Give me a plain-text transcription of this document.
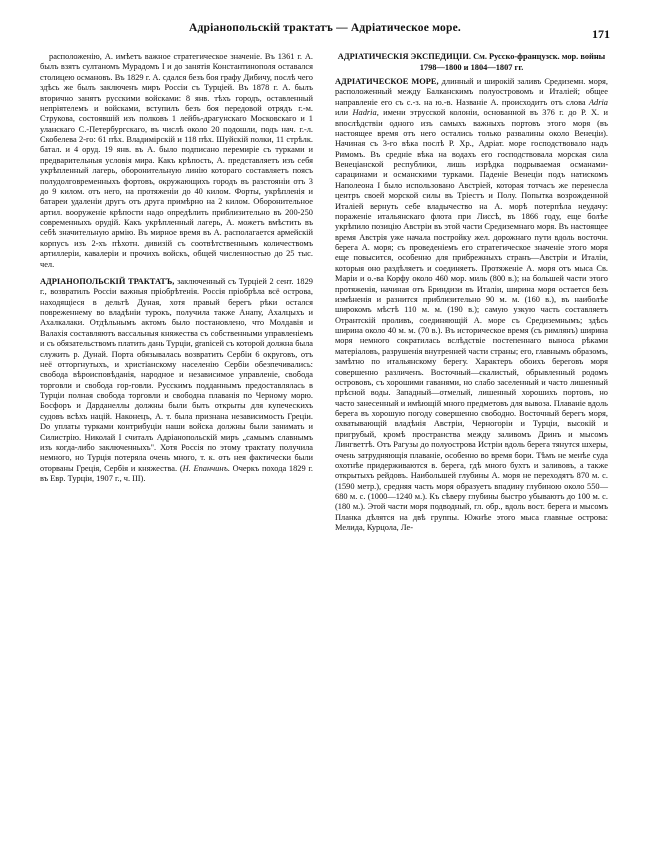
Адріанопольскій трактатъ — Адріатическое море.	171

расположенію, А. имѣетъ важное стратегическое значеніе. Въ 1361 г. А. былъ взятъ султаномъ Мурадомъ I и до занятія Константинополя оставался столицею османовъ. Въ 1829 г. А. сдался безъ боя графу Дибичу, послѣ чего здѣсь же былъ заключенъ миръ Россіи съ Турціей. Въ 1878 г. А. былъ вторично занятъ русскими войсками: 8 янв. тѣхъ городъ, оставленный непріятелемъ и войсками, вступилъ безъ боя передовой отрядъ г.-м. Струкова, состоявшій изъ полковъ 1 лейбъ-драгунскаго Московскаго и 1 уланскаго С.-Петербургскаго, въ числѣ около 20 подошли, подъ нач. г.-л. Скобелева 2-го: 61 пѣх. Владимірскій и 118 пѣх. Шуйскій полки, 11 стрѣлк. батал. и 4 оруд. 19 янв. въ А. было подписано перемиріе съ турками и предварительныя условія мира. Какъ крѣпость, А. представляетъ изъ себя укрѣпленный лагерь, оборонительную линію котораго составляетъ поясъ полудолговременныхъ фортовъ, окружающихъ городъ въ разстояніи отъ 3 до 9 килом. отъ него, на протяженіи до 40 килом. Форты, укрѣпленія и батареи удаленіи другъ отъ друга примѣрно на 2 килом. Оборонительное артил. вооруженіе крѣпости надо опредѣлить приблизительно въ 200-250 современныхъ орудій. Какъ укрѣпленный лагерь, А. можетъ вмѣстить въ себѣ значительную армію. Въ мирное время въ А. располагается армейскій корпусъ изъ 2-хъ пѣхотн. дивизій съ соотвѣтственнымъ количествомъ артиллеріи, кавалеріи и прочихъ войскъ, общей численностью до 25 тыс. чел.

АДРІАНОПОЛЬСКІЙ ТРАКТАТЪ, заключенный съ Турціей 2 сент. 1829 г., возвратилъ Россіи важныя пріобрѣтенія. Россія пріобрѣла всё острова, находящіеся в дельтѣ Дуная, хотя правый берегъ рѣки остался повреженнему во владѣніи турокъ, получила также Анапу, Ахалцыхъ и Ахалкалаки. Отдѣльнымъ актомъ было постановлено, что Молдавія и Валахія составляютъ вассальныя княжества съ собственными управленіемъ и съ обязательствомъ платить дань Турціи, granicей съ которой должна была служить р. Дунай. Порта обязывалась возвратить Сербіи 6 округовъ, отъ неё отторгнутыхъ, и христіанскому населенію Сербіи обезпечивались: свобода вѣроисповѣданія, народное и независимое управленіе, свобода торговли и свобода гор-говли. Русскимъ подданнымъ предоставлялась в Турціи полная свобода торговли и свободна плаванія по Черному морю. Босфоръ и Дарданеллы должны были быть открыты для купеческихъ судовъ всѣхъ націй. Наконецъ, А. т. была признана независимость Греціи. Do уплаты турками контрибуціи наши войска должны были занимать и Силистрію. Николай I считалъ Адріанопольскій миръ „самымъ славнымъ изъ когда-либо заключенныхъ". Хотя Россія по этому трактату получила немного, но Турція потеряла очень много, т. к. отъ нея фактически были оторваны Греція, Сербія и княжества. (Н. Епанчинъ. Очеркъ похода 1829 г. въ Евр. Турціи, 1907 г., ч. III).

АДРІАТИЧЕСКІЯ ЭКСПЕДИЦІИ. См. Русско-французск. мор. войны 1798—1800 и 1804—1807 гг.

АДРІАТИЧЕСКОЕ МОРЕ, длинный и широкій заливъ Средиземн. моря, расположенный между Балканскимъ полуостровомъ и Италіей; общее направленіе его съ с.-з. на ю.-в. Названіе А. происходитъ отъ слова Adria или Hadria, имени этрусской колоніи, основанной въ 376 г. до Р. Х. и впослѣдствіи одного изъ самыхъ важныхъ портовъ этого моря (въ настоящее время отъ него остались только развалины около Венеціи). Начиная съ 3-го вѣка послѣ Р. Хр., Адріат. море господствовало надъ Римомъ. Въ средніе вѣка на водахъ его господствовала морская сила Венеціанской республики, лишь изрѣдка подрываемая османами-сарацинами и османскими турками. Паденіе Венеціи подъ натискомъ Наполеона I было использовано Австріей, которая тотчасъ же перенесла центръ своей морской силы въ Тріестъ и Полу. Попытка возрожденной Италіей вернуть себе владычество на А. морѣ потерпѣла неудачу: пораженіе итальянскаго флота при Лиссѣ, въ 1866 году, еще болѣе укрѣпило позицію Австріи въ этой части Средиземнаго моря. Въ настоящее время Австрія уже начала постройку жел. дорожнаго пути вдоль восточн. берега А. моря; съ проведеніемъ его стратегическое значеніе этого моря еще повысится, особенно для прибрежныхъ странъ—Австріи и Италіи, которыя оно раздѣляетъ и соединяетъ. Протяженіе А. моря отъ мыса Св. Маріи и о.-ва Корфу около 460 мор. миль (800 в.); на большей части этого протяженія, начиная отъ Бриндизи въ Италіи, ширина моря остается безъ измѣненія и разнится приблизительно 90 м. м. (160 в.), въ наиболѣе широкомъ мѣстѣ 110 м. м. (190 в.); самую узкую часть составляетъ Отрантскій проливъ, соединяющій А. море съ Средиземнымъ; здѣсь ширина около 40 м. м. (70 в.). Въ историческое время (съ римлянъ) ширина моря немного сократилась вслѣдствіе постепеннаго выноса рѣками матеріаловъ, разрушенія внутренней части страны; его, главнымъ образомъ, замѣтно по итальянскому берегу. Характеръ обоихъ береговъ моря совершенно различенъ. Восточный—скалистый, обрывленный родомъ острововъ, съ хорошими гаванями, но слабо заселенный и часто лишенный прѣсной воды. Западный—отмелый, лишенный хорошихъ портовъ, но часто занесенный и имѣющій много предметовъ для вывоза. Плаваніе вдоль берега въ хорошую погоду совершенно свободно. Восточный берегъ моря, охватывающій владѣнія Австріи, Черногоріи и Турціи, высокій и пригрубый, кромѣ пространства между заливомъ Дринъ и мысомъ Лингветтѣ. Отъ Рагузы до полуострова Истріи вдоль берега тянутся шхеры, очень затрудняющія плаваніе, особенно во время бори. Тѣмъ не менѣе суда охотнѣе придерживаются в. берега, гдѣ много бухтъ и заливовъ, а также открытыхъ рейдовъ. Наибольшей глубины А. моря не переходятъ 870 м. с. (1590 метр.), средняя часть моря образуетъ впадину глубиною около 550—680 м. с. (1000—1240 м.). Къ сѣверу глубины быстро убываютъ до 100 м. с. (180 м.). Этой части моря подводный, гл. обр., вдоль вост. берега и мысомъ Планка дѣлятся на двѣ группы. Южнѣе этого мыса главные острова: Мелида, Курцола, Ле-
